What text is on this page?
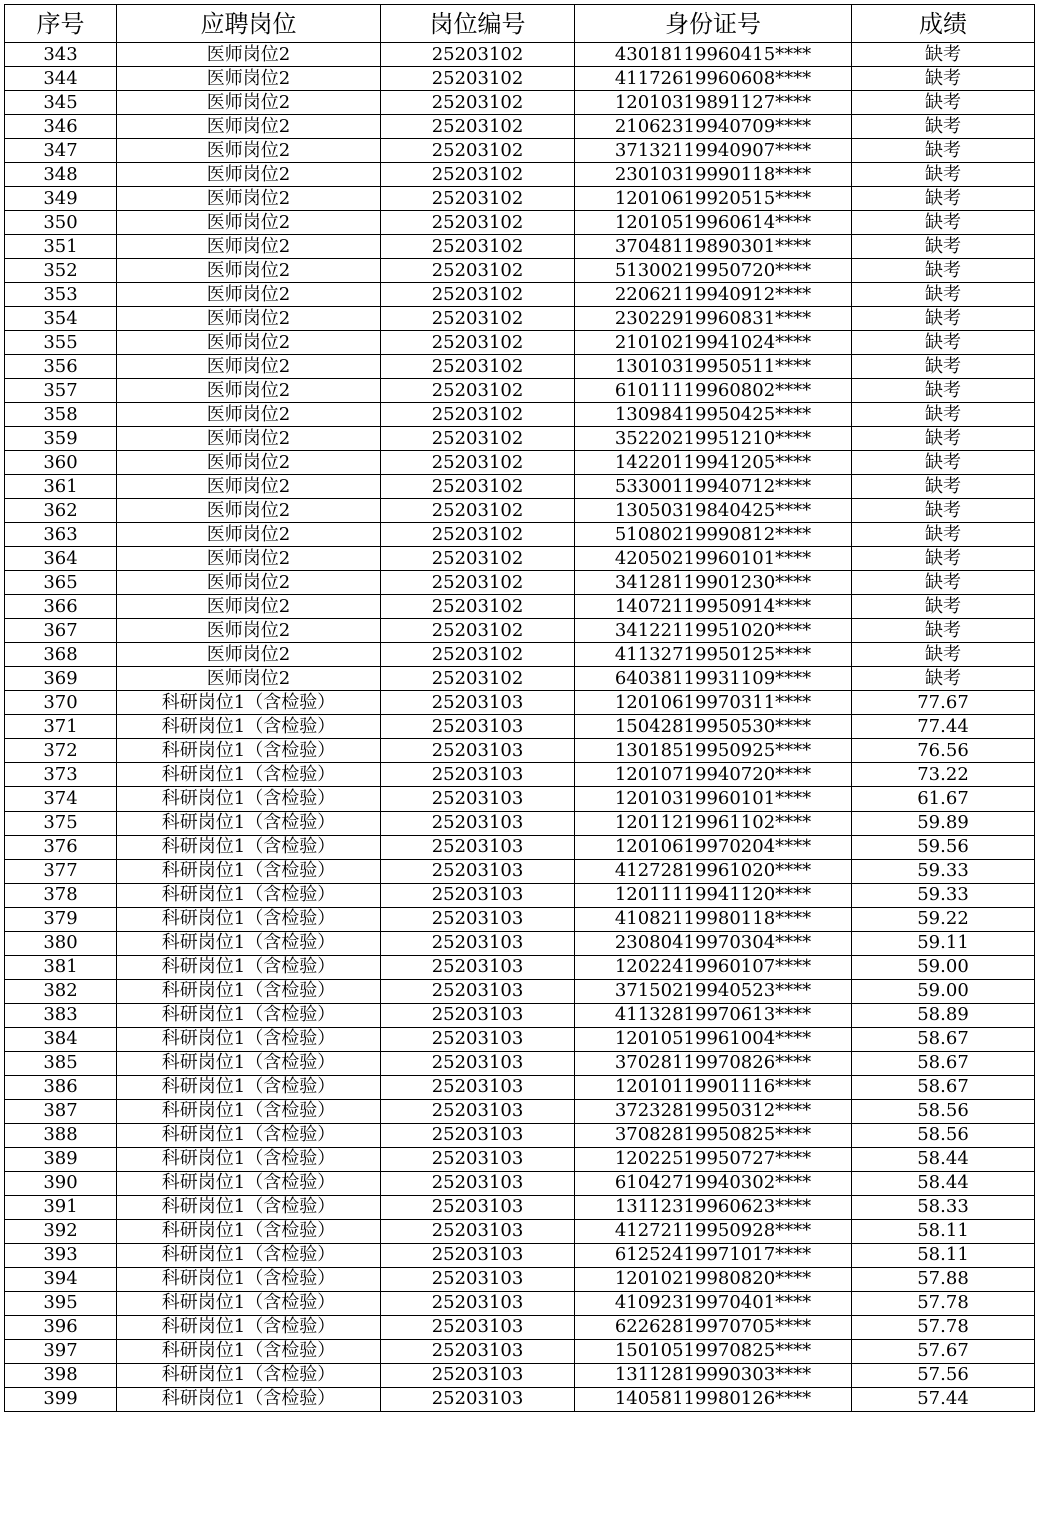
序号	应聘岗位	岗位编号	身份证号	成绩
343	医师岗位2	25203102	43018119960415****	缺考
344	医师岗位2	25203102	41172619960608****	缺考
345	医师岗位2	25203102	12010319891127****	缺考
346	医师岗位2	25203102	21062319940709****	缺考
347	医师岗位2	25203102	37132119940907****	缺考
348	医师岗位2	25203102	23010319990118****	缺考
349	医师岗位2	25203102	12010619920515****	缺考
350	医师岗位2	25203102	12010519960614****	缺考
351	医师岗位2	25203102	37048119890301****	缺考
352	医师岗位2	25203102	51300219950720****	缺考
353	医师岗位2	25203102	22062119940912****	缺考
354	医师岗位2	25203102	23022919960831****	缺考
355	医师岗位2	25203102	21010219941024****	缺考
356	医师岗位2	25203102	13010319950511****	缺考
357	医师岗位2	25203102	61011119960802****	缺考
358	医师岗位2	25203102	13098419950425****	缺考
359	医师岗位2	25203102	35220219951210****	缺考
360	医师岗位2	25203102	14220119941205****	缺考
361	医师岗位2	25203102	53300119940712****	缺考
362	医师岗位2	25203102	13050319840425****	缺考
363	医师岗位2	25203102	51080219990812****	缺考
364	医师岗位2	25203102	42050219960101****	缺考
365	医师岗位2	25203102	34128119901230****	缺考
366	医师岗位2	25203102	14072119950914****	缺考
367	医师岗位2	25203102	34122119951020****	缺考
368	医师岗位2	25203102	41132719950125****	缺考
369	医师岗位2	25203102	64038119931109****	缺考
370	科研岗位1（含检验）	25203103	12010619970311****	77.67
371	科研岗位1（含检验）	25203103	15042819950530****	77.44
372	科研岗位1（含检验）	25203103	13018519950925****	76.56
373	科研岗位1（含检验）	25203103	12010719940720****	73.22
374	科研岗位1（含检验）	25203103	12010319960101****	61.67
375	科研岗位1（含检验）	25203103	12011219961102****	59.89
376	科研岗位1（含检验）	25203103	12010619970204****	59.56
377	科研岗位1（含检验）	25203103	41272819961020****	59.33
378	科研岗位1（含检验）	25203103	12011119941120****	59.33
379	科研岗位1（含检验）	25203103	41082119980118****	59.22
380	科研岗位1（含检验）	25203103	23080419970304****	59.11
381	科研岗位1（含检验）	25203103	12022419960107****	59.00
382	科研岗位1（含检验）	25203103	37150219940523****	59.00
383	科研岗位1（含检验）	25203103	41132819970613****	58.89
384	科研岗位1（含检验）	25203103	12010519961004****	58.67
385	科研岗位1（含检验）	25203103	37028119970826****	58.67
386	科研岗位1（含检验）	25203103	12010119901116****	58.67
387	科研岗位1（含检验）	25203103	37232819950312****	58.56
388	科研岗位1（含检验）	25203103	37082819950825****	58.56
389	科研岗位1（含检验）	25203103	12022519950727****	58.44
390	科研岗位1（含检验）	25203103	61042719940302****	58.44
391	科研岗位1（含检验）	25203103	13112319960623****	58.33
392	科研岗位1（含检验）	25203103	41272119950928****	58.11
393	科研岗位1（含检验）	25203103	61252419971017****	58.11
394	科研岗位1（含检验）	25203103	12010219980820****	57.88
395	科研岗位1（含检验）	25203103	41092319970401****	57.78
396	科研岗位1（含检验）	25203103	62262819970705****	57.78
397	科研岗位1（含检验）	25203103	15010519970825****	57.67
398	科研岗位1（含检验）	25203103	13112819990303****	57.56
399	科研岗位1（含检验）	25203103	14058119980126****	57.44
